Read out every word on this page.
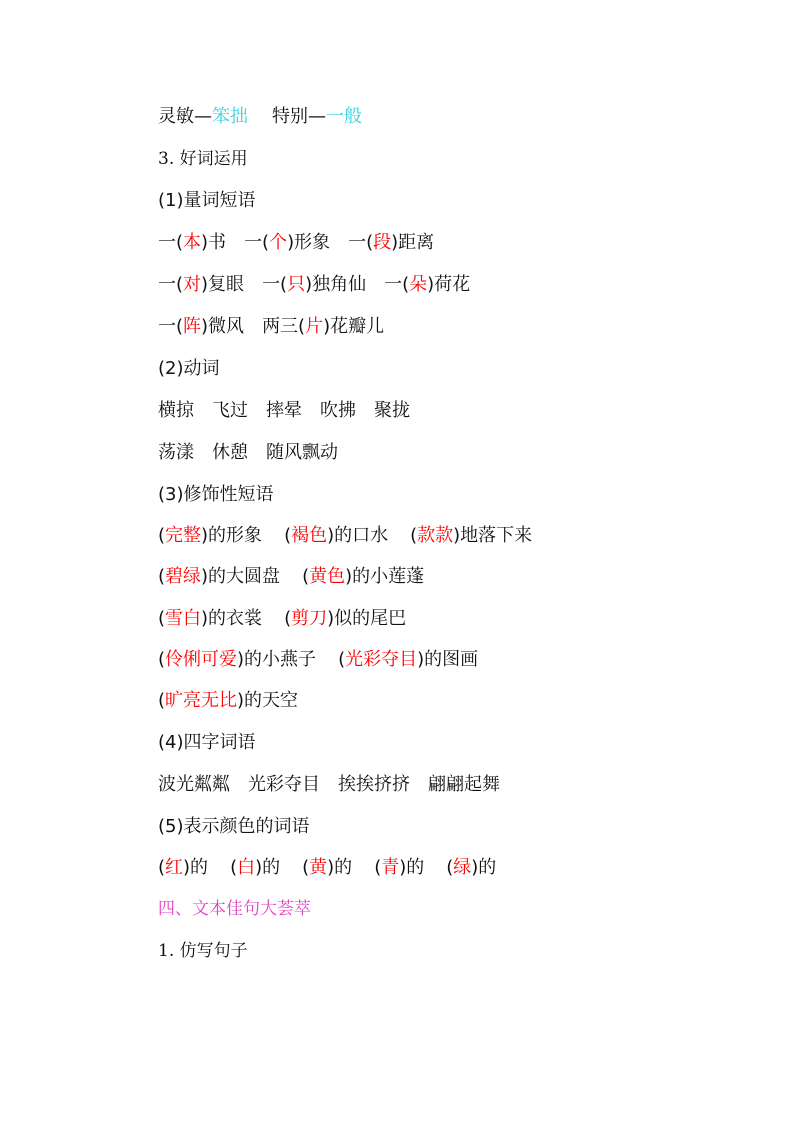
灵敏—笨拙 特别—一般
3. 好词运用
(1)量词短语
一(本)书 一(个)形象 一(段)距离
一(对)复眼 一(只)独角仙 一(朵)荷花
一(阵)微风 两三(片)花瓣儿
(2)动词
横掠 飞过 摔晕 吹拂 聚拢
荡漾 休憩 随风飘动
(3)修饰性短语
(完整)的形象 (褐色)的口水 (款款)地落下来
(碧绿)的大圆盘 (黄色)的小莲蓬
(雪白)的衣裳 (剪刀)似的尾巴
(伶俐可爱)的小燕子 (光彩夺目)的图画
(旷亮无比)的天空
(4)四字词语
波光粼粼 光彩夺目 挨挨挤挤 翩翩起舞
(5)表示颜色的词语
(红)的 (白)的 (黄)的 (青)的 (绿)的
四、文本佳句大荟萃
1. 仿写句子
